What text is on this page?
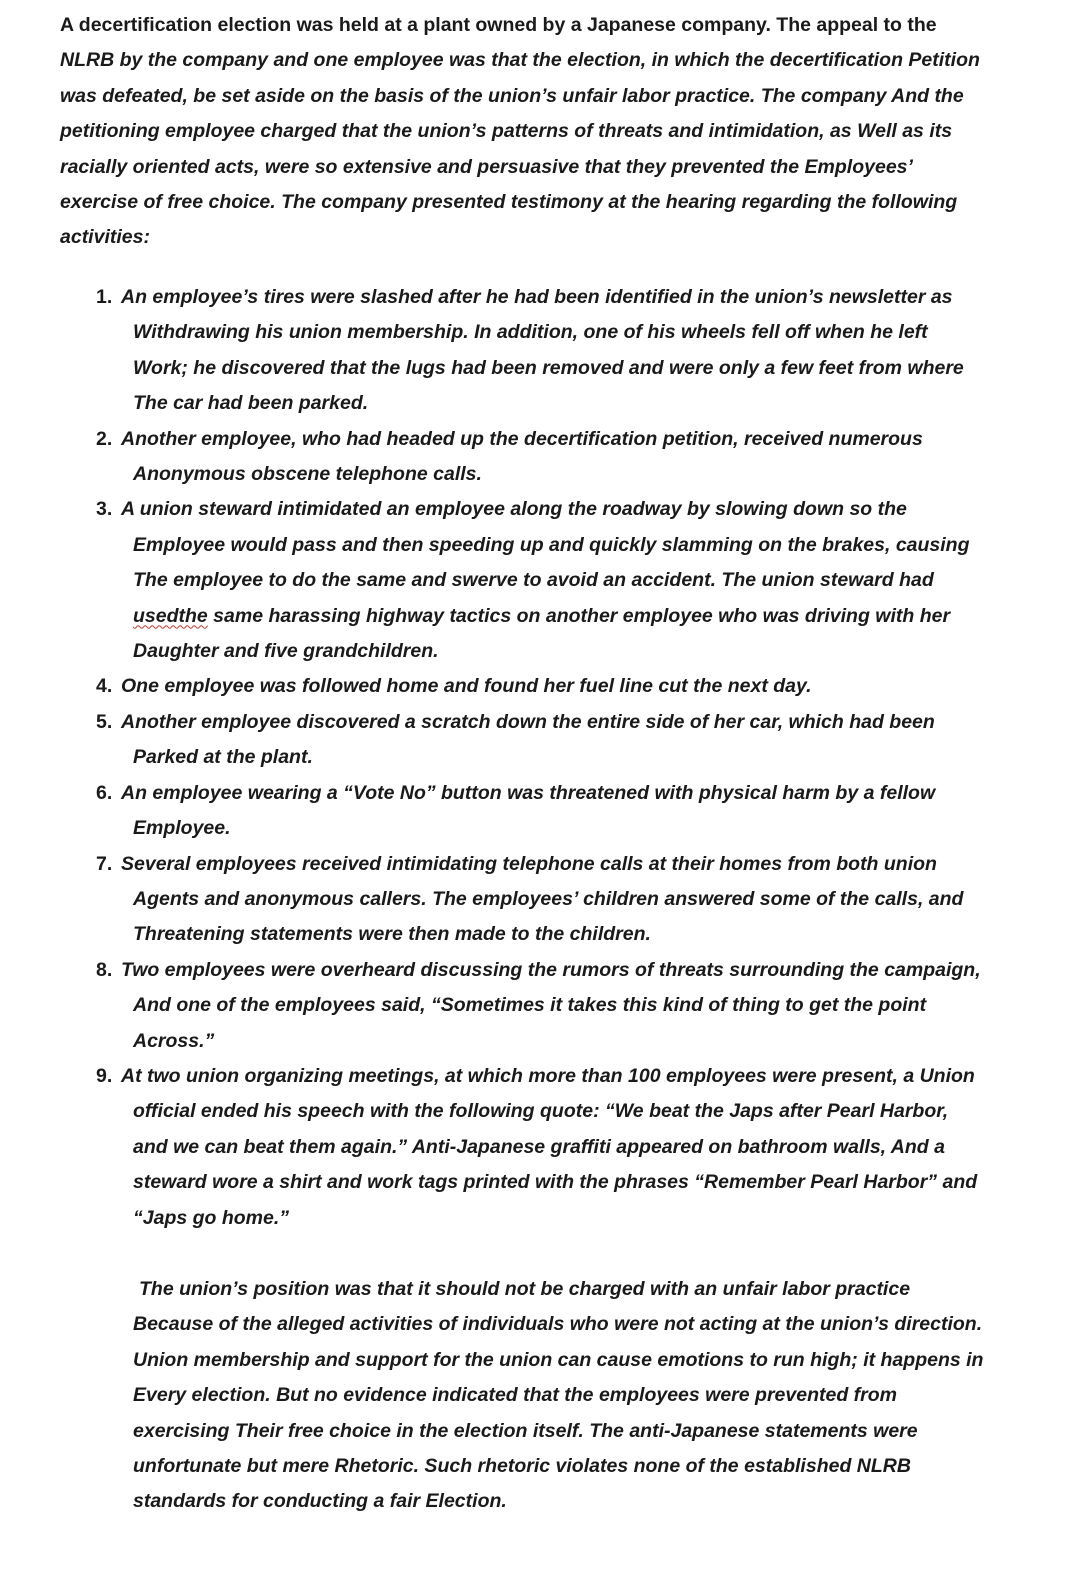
A decertification election was held at a plant owned by a Japanese company. The appeal to the
NLRB by the company and one employee was that the election, in which the decertification Petition
was defeated, be set aside on the basis of the union’s unfair labor practice. The company And the
petitioning employee charged that the union’s patterns of threats and intimidation, as Well as its
racially oriented acts, were so extensive and persuasive that they prevented the Employees’
exercise of free choice. The company presented testimony at the hearing regarding the following
activities:

1. An employee’s tires were slashed after he had been identified in the union’s newsletter as
Withdrawing his union membership. In addition, one of his wheels fell off when he left
Work; he discovered that the lugs had been removed and were only a few feet from where
The car had been parked.
2. Another employee, who had headed up the decertification petition, received numerous
Anonymous obscene telephone calls.
3. A union steward intimidated an employee along the roadway by slowing down so the
Employee would pass and then speeding up and quickly slamming on the brakes, causing
The employee to do the same and swerve to avoid an accident. The union steward had
usedthe same harassing highway tactics on another employee who was driving with her
Daughter and five grandchildren.
4. One employee was followed home and found her fuel line cut the next day.
5. Another employee discovered a scratch down the entire side of her car, which had been
Parked at the plant.
6. An employee wearing a “Vote No” button was threatened with physical harm by a fellow
Employee.
7. Several employees received intimidating telephone calls at their homes from both union
Agents and anonymous callers. The employees’ children answered some of the calls, and
Threatening statements were then made to the children.
8. Two employees were overheard discussing the rumors of threats surrounding the campaign,
And one of the employees said, “Sometimes it takes this kind of thing to get the point
Across.”
9. At two union organizing meetings, at which more than 100 employees were present, a Union
official ended his speech with the following quote: “We beat the Japs after Pearl Harbor,
and we can beat them again.” Anti-Japanese graffiti appeared on bathroom walls, And a
steward wore a shirt and work tags printed with the phrases “Remember Pearl Harbor” and
“Japs go home.”

The union’s position was that it should not be charged with an unfair labor practice
Because of the alleged activities of individuals who were not acting at the union’s direction.
Union membership and support for the union can cause emotions to run high; it happens in
Every election. But no evidence indicated that the employees were prevented from
exercising Their free choice in the election itself. The anti-Japanese statements were
unfortunate but mere Rhetoric. Such rhetoric violates none of the established NLRB
standards for conducting a fair Election.
